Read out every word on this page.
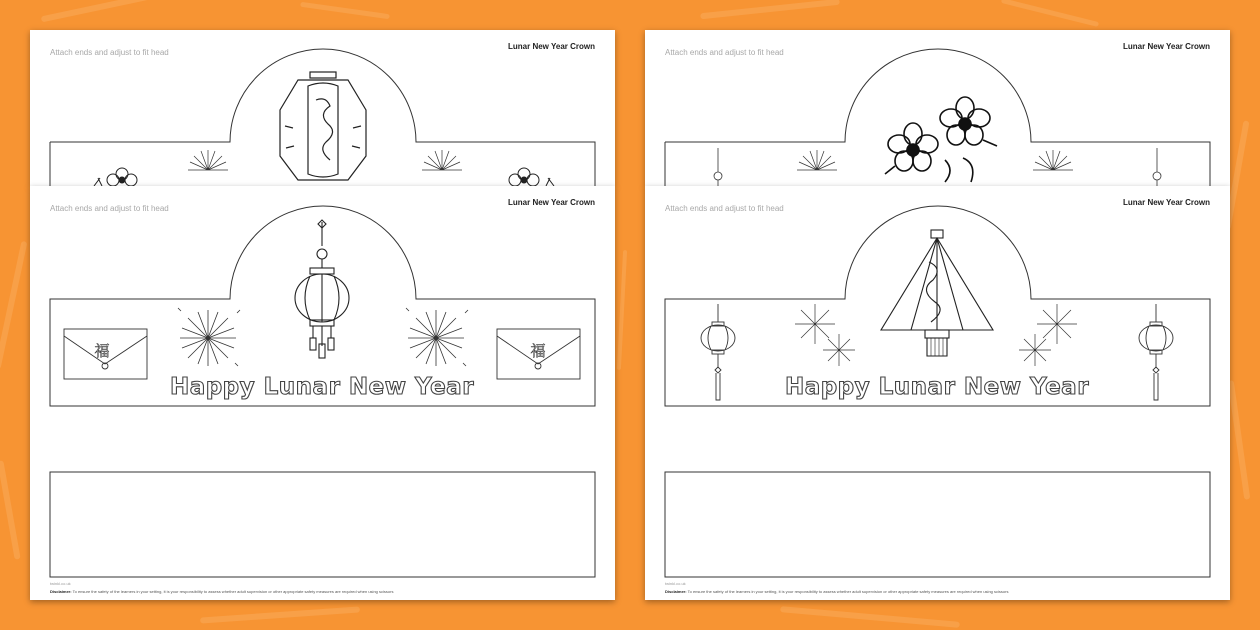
Attach ends and adjust to fit head
Lunar New Year Crown
Attach ends and adjust to fit head
Lunar New Year Crown
Attach ends and adjust to fit head
Lunar New Year Crown
福	福
Happy Lunar New Year
twinkl.co.uk
Disclaimer: To ensure the safety of the learners in your setting, it is your responsibility to assess whether adult supervision or other appropriate safety measures are required when using scissors
Attach ends and adjust to fit head
Lunar New Year Crown
Happy Lunar New Year
twinkl.co.uk
Disclaimer: To ensure the safety of the learners in your setting, it is your responsibility to assess whether adult supervision or other appropriate safety measures are required when using scissors
